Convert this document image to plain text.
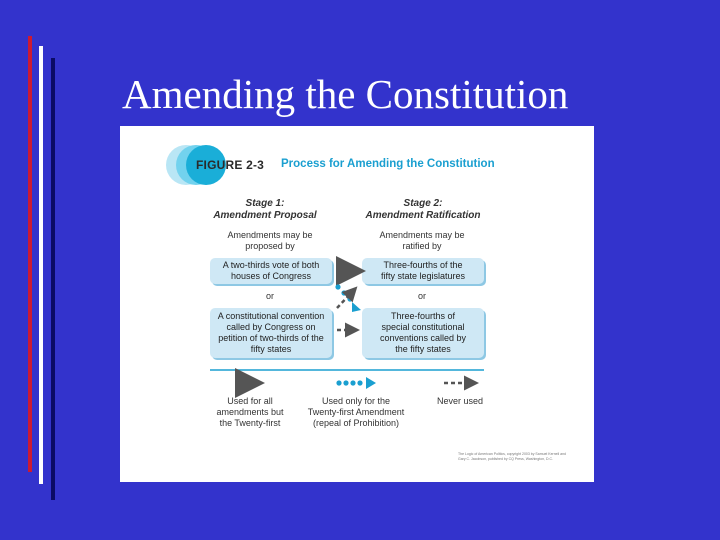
Amending the Constitution
FIGURE 2-3 Process for Amending the Constitution
Stage 1:
Amendment Proposal
Stage 2:
Amendment Ratification
Amendments may be
proposed by
Amendments may be
ratified by
A two-thirds vote of both
houses of Congress
or
A constitutional convention
called by Congress on
petition of two-thirds of the
fifty states
Three-fourths of the
fifty state legislatures
or
Three-fourths of
special constitutional
conventions called by
the fifty states
Used for all
amendments but
the Twenty-first
Used only for the
Twenty-first Amendment
(repeal of Prohibition)
Never used
The Logic of American Politics, copyright 2003 by Samuel Kernell and Gary C. Jacobson, published by CQ Press, Washington, D.C.
